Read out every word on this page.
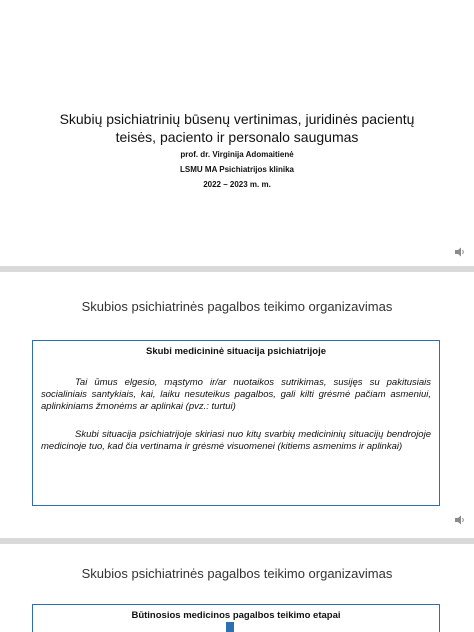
Skubių psichiatrinių būsenų vertinimas, juridinės pacientų
teisės, paciento ir personalo saugumas
prof. dr. Virginija Adomaitienė
LSMU MA Psichiatrijos klinika
2022 – 2023 m. m.
Skubios psichiatrinės pagalbos teikimo organizavimas
Skubi medicininė situacija psichiatrijoje

Tai ūmus elgesio, mąstymo ir/ar nuotaikos sutrikimas, susijęs su pakitusiais socialiniais santykiais, kai, laiku nesuteikus pagalbos, gali kilti grėsmė pačiam asmeniui, aplinkiniams žmonėms ar aplinkai (pvz.: turtui)

Skubi situacija psichiatrijoje skiriasi nuo kitų svarbių medicininių situacijų bendrojoje medicinoje tuo, kad čia vertinama ir grėsmė visuomenei (kitiems asmenims ir aplinkai)

Skubios psichiatrinės pagalbos teikimo organizavimas
Būtinosios medicinos pagalbos teikimo etapai
